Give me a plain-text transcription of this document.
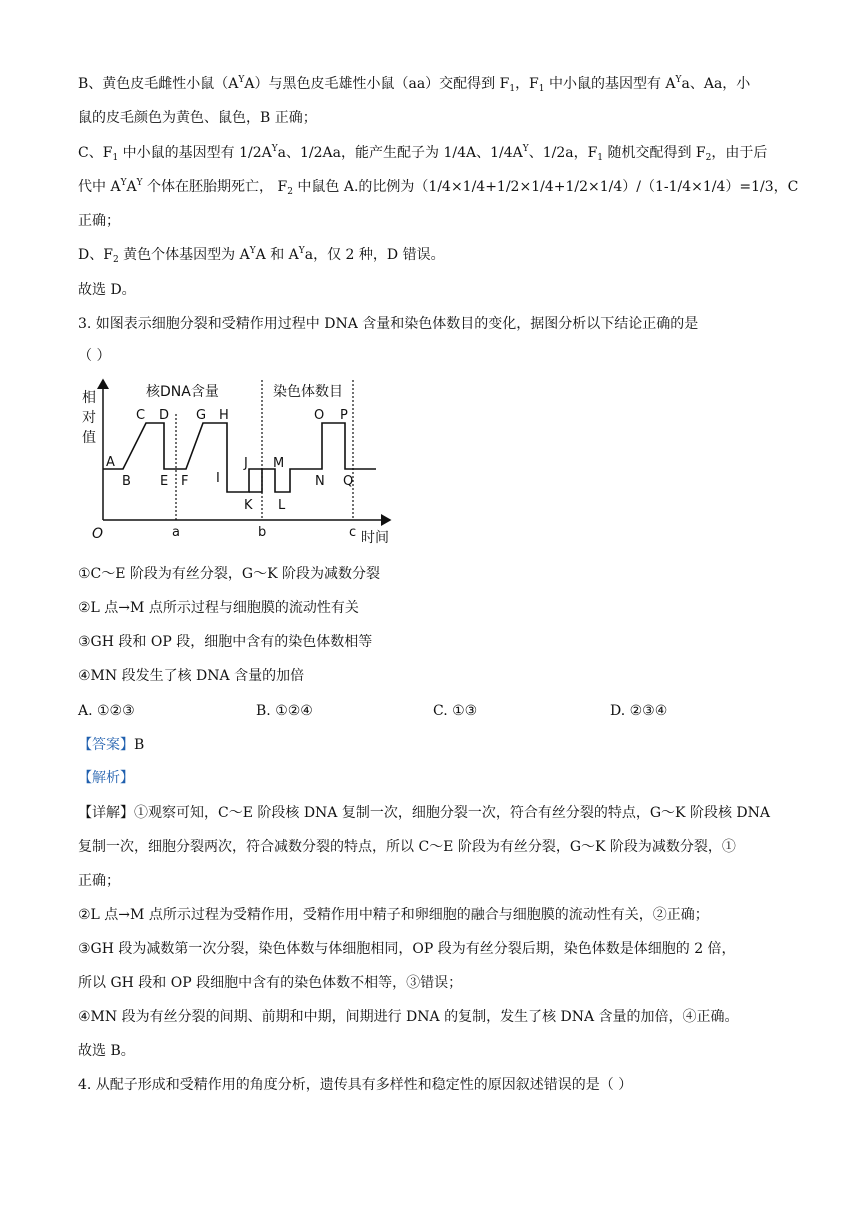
B、黄色皮毛雌性小鼠$(A^YA)$与黑色皮毛雄性小鼠（aa）交配得到 $F_1$，$F_1$ 中小鼠的基因型有 $A^Ya$、Aa，小
鼠的皮毛颜色为黄色、鼠色，B 正确；
C、$F_1$ 中小鼠的基因型有 $1/2A^Ya$、1/2Aa，能产生配子为 1/4A、$1/4A^Y$、1/2a，$F_1$ 随机交配得到 $F_2$，由于后
代中 $A^YA^Y$ 个体在胚胎期死亡， $F_2$ 中鼠色 A.的比例为（1/4×1/4+1/2×1/4+1/2×1/4）/（1-1/4×1/4）=1/3，C
正确；
D、$F_2$ 黄色个体基因型为 $A^YA$ 和 $A^Ya$，仅 2 种，D 错误。
故选 D。
3. 如图表示细胞分裂和受精作用过程中 DNA 含量和染色体数目的变化，据图分析以下结论正确的是
（ ）
相
对
值
核DNA含量	染色体数目
时间
O	a	b	c
A
B
C D
E F
G H
I
J
K L
M
N
O P
Q
①C～E 阶段为有丝分裂，G～K 阶段为减数分裂
②L 点→M 点所示过程与细胞膜的流动性有关
③GH 段和 OP 段，细胞中含有的染色体数相等
④MN 段发生了核 DNA 含量的加倍
A. ①②③	B. ①②④	C. ①③	D. ②③④
【答案】B
【解析】
【详解】①观察可知，C～E 阶段核 DNA 复制一次，细胞分裂一次，符合有丝分裂的特点，G～K 阶段核 DNA
复制一次，细胞分裂两次，符合减数分裂的特点，所以 C～E 阶段为有丝分裂，G～K 阶段为减数分裂，①
正确；
②L 点→M 点所示过程为受精作用，受精作用中精子和卵细胞的融合与细胞膜的流动性有关，②正确；
③GH 段为减数第一次分裂，染色体数与体细胞相同，OP 段为有丝分裂后期，染色体数是体细胞的 2 倍，
所以 GH 段和 OP 段细胞中含有的染色体数不相等，③错误；
④MN 段为有丝分裂的间期、前期和中期，间期进行 DNA 的复制，发生了核 DNA 含量的加倍，④正确。
故选 B。
4. 从配子形成和受精作用的角度分析，遗传具有多样性和稳定性的原因叙述错误的是（ ）
